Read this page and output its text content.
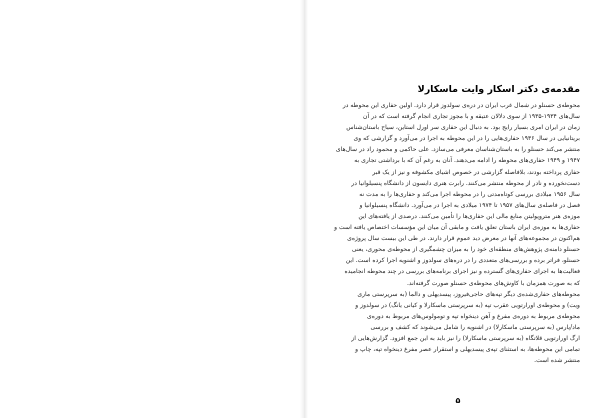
مقدمه‌ی دکتر اسکار وایت ماسکارلا
محوطه‌ی حسنلو در شمال غرب ایران در دره‌ی سولدوز قرار دارد. اولین حفاری این محوطه در
سال‌های ۱۹۳۴-۱۹۳۵ از سوی دلالان عتیقه و با مجوز تجاری انجام گرفته است که در آن
زمان در ایران امری بسیار رایج بود. به دنبال این حفاری سر اورل استاین، سیاح باستان‌شناس
بریتانیایی در سال ۱۹۳۶ حفاری‌هایی را در این محوطه به اجرا در می‌آورد و گزارشی که وی
منتشر می‌کند حسنلو را به باستان‌شناسان معرفی می‌سازد. علی حاکمی و محمود راد در سال‌های
۱۹۴۷ و ۱۹۴۹ حفاری‌های محوطه را ادامه می‌دهند. آنان به رغم آن که با برداشتی تجاری به
حفاری پرداخته بودند، بلافاصله گزارشی در خصوص اشیای مکشوفه و نیز از یک قبر
دست‌نخورده و نادر از محوطه منتشر می‌کنند. رابرت هنری دایسون از دانشگاه پنسیلوانیا در
سال ۱۹۵۶ میلادی بررسی کوتاه‌مدتی را در محوطه اجرا می‌کند و حفاری‌ها را به مدت نه
فصل در فاصله‌ی سال‌های ۱۹۵۷ تا ۱۹۷۴ میلادی به اجرا در می‌آورد. دانشگاه پنسیلوانیا و
موزه‌ی هنر متروپولیتن منابع مالی این حفاری‌ها را تأمین می‌کنند. درصدی از یافته‌های این
حفاری‌ها به موزه‌ی ایران باستان تعلق یافت و مابقی آن میان این مؤسسات اختصاص یافته است و
هم‌اکنون در مجموعه‌های آنها در معرض دید عموم قرار دارند. در طی این بیست سال پروژه‌ی
حسنلو دامنه‌ی پژوهش‌های منطقه‌ای خود را به میزان چشمگیری از محوطه‌ی محوری، یعنی
حسنلو، فراتر برده و بررسی‌های متعددی را در دره‌های سولدوز و اشنویه اجرا کرده است. این
فعالیت‌ها به اجرای حفاری‌های گسترده و نیز اجرای برنامه‌های بررسی در چند محوطه انجامیده
که به صورت همزمان با کاوش‌های محوطه‌ی حسنلو صورت گرفته‌اند.
محوطه‌های حفاری‌شده‌ی دیگر تپه‌های حاجی‌فیروز، پیسدیهلی و دالما (به سرپرستی ماری
ویت) و محوطه‌ی اورارتویی عقرب تپه (به سرپرستی ماسکارلا و کیانی یانگ) در سولدوز و
محوطه‌ی مربوط به دوره‌ی مفرغ و آهن دینخواه تپه و تومولوس‌های مربوط به دوره‌ی
ماد/پارس (به سرپرستی ماسکارلا) در اشنویه را شامل می‌شوند که کشف و بررسی
ارگ اورارتویی قلاتگاه (به سرپرستی ماسکارلا) را نیز باید به این جمع افزود. گزارش‌هایی از
تمامی این محوطه‌ها، به استثنای تپه‌ی پیسدیهلی و استقرار عصر مفرغ دینخواه تپه، چاپ و
منتشر شده است.
۵
